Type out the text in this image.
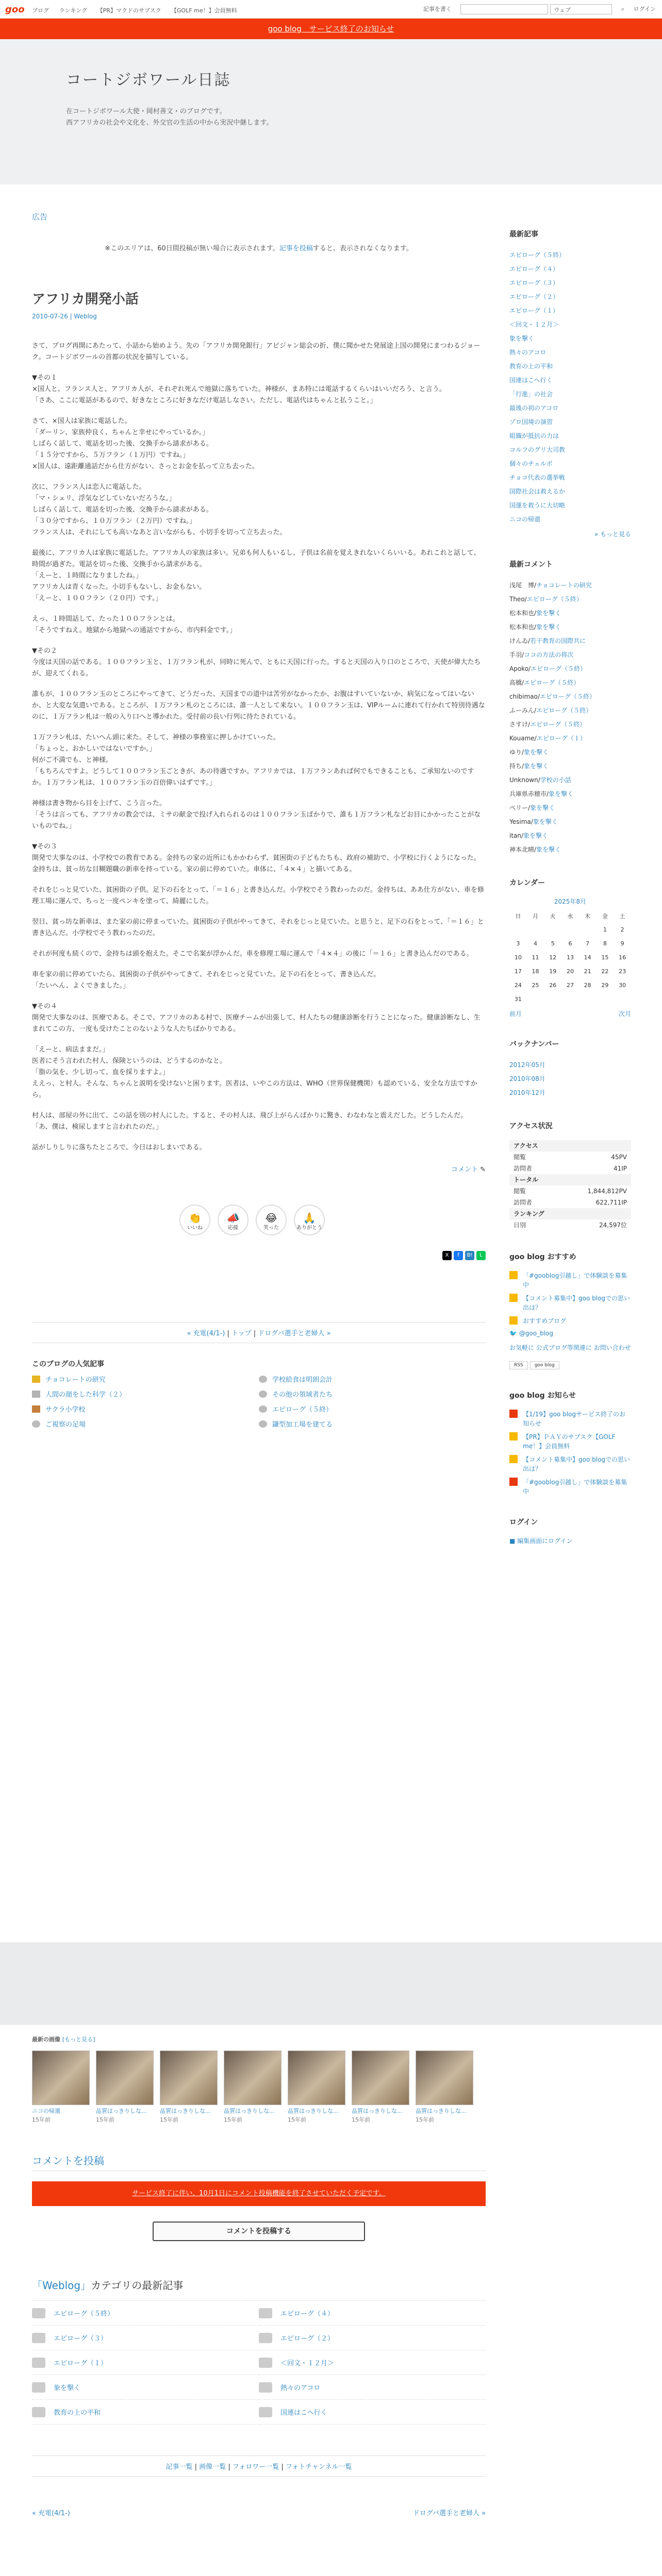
goo ブログ ランキング 【PR】マクドのサブスク 【GOLF me！】会員無料	記事を書く	ウェブ	⌕ ログイン
goo blog　サービス終了のお知らせ
コートジボワール日誌
在コートジボワール大使・岡村善文・のブログです。
西アフリカの社会や文化を、外交官の生活の中から実況中継します。
広告
※このエリアは、60日間投稿が無い場合に表示されます。記事を投稿すると、表示されなくなります。
アフリカ開発小話
2010-07-26 | Weblog

さて、ブログ再開にあたって、小話から始めよう。先の「アフリカ開発銀行」アビジャン総会の折、僕に聞かせた発展途上国の開発にまつわるジョーク。コートジボワールの首都の状況を描写している。

▼その１
×国人と、フランス人と、アフリカ人が、それぞれ死んで地獄に落ちていた。神様が、まあ特には電話するくらいはいいだろう、と言う。
「さあ、ここに電話があるので、好きなところに好きなだけ電話しなさい。ただし、電話代はちゃんと払うこと。」

さて、×国人は家族に電話した。
「ダーリン、家族仲良く、ちゃんと幸せにやっているか。」
しばらく話して、電話を切った後、交換手から請求がある。
「１５分ですから、５万フラン（１万円）ですね。」
×国人は、遠距離通話だから仕方がない、さっとお金を払って立ち去った。

次に、フランス人は恋人に電話した。
「マ・シェリ、浮気などしていないだろうな。」
しばらく話して、電話を切った後、交換手から請求がある。
「３０分ですから、１０万フラン（２万円）ですね。」
フランス人は、それにしても高いなあと言いながらも、小切手を切って立ち去った。

最後に、アフリカ人は家族に電話した。アフリカ人の家族は多い。兄弟も何人もいるし、子供は名前を覚えきれないくらいいる。あれこれと話して、時間が過ぎた。電話を切った後、交換手から請求がある。
「えーと、１時間になりましたね。」
アフリカ人は青くなった。小切手もないし、お金もない。
「えーと、１００フラン（２０円）です。」

えっ、１時間話して、たった１００フランとは。
「そうですねえ。地獄から地獄への通話ですから、市内料金です。」

▼その２
今度は天国の話である。１００フラン玉と、１万フラン札が、同時に死んで、ともに天国に行った。すると天国の入り口のところで、天使が偉大たちが、迎えてくれる。

誰もが、１００フラン玉のところにやってきて、どうだった、天国までの道中は苦労がなかったか、お腹はすいていないか、病気になってはいないか、と大変な気遣いである。ところが、１万フラン札のところには、誰一人として来ない。１００フラン玉は、VIPルームに連れて行かれて特別待遇なのに、１万フラン札は一般の入り口へと導かれた。受付前の長い行列に待たされている。

１万フラン札は、たいへん頭に来た。そして、神様の事務室に押しかけていった。
「ちょっと、おかしいではないですか。」
何がご不満でも、と神様。
「もちろんですよ。どうして１００フラン玉ごときが、あの待遇ですか。アフリカでは、１万フランあれば何でもできることも、ご承知ないのですか。１万フラン札は、１００フラン玉の百倍偉いはずです。」

神様は書き物から目を上げて、こう言った。
「そうは言っても、アフリカの教会では、ミサの献金で投げ入れられるのは１００フラン玉ばかりで、誰も１万フラン札などお目にかかったことがないものでね。」

▼その３
開発で大事なのは、小学校での教育である。金持ちの家の近所にもかかわらず、貧困街の子どもたちも、政府の補助で、小学校に行くようになった。金持ちは、貧っ坊な目糊題職の新車を持っている。家の前に停めていた。車体に、「４×４」と描いてある。

それをじっと見ていた、貧困街の子供。足下の石をとって、「＝１６」と書き込んだ。小学校でそう教わったのだ。金持ちは、ああ仕方がない、車を修理工場に運んで、ちっと一度ペンキを塗って、綺麗にした。

翌日、貧っ坊な新車は、また家の前に停まっていた。貧困街の子供がやってきて、それをじっと見ていた。と思うと、足下の石をとって、「＝１６」と書き込んだ。小学校でそう教わったのだ。

それが何度も続くので、金持ちは頭を抱えた。そこで名案が浮かんだ。車を修理工場に運んで「４×４」の後に「＝１６」と書き込んだのである。

車を家の前に停めていたら、貧困街の子供がやってきて、それをじっと見ていた。足下の石をとって、書き込んだ。
「たいへん、よくできました。」

▼その４
開発で大事なのは、医療である。そこで、アフリカのある村で、医療チームが出張して、村人たちの健康診断を行うことになった。健康診断なし、生まれてこの方、一度も受けたことのないような人たちばかりである。

「えーと、病法ままだ。」
医者にそう言われた村人、保険というのは、どうするのかなと。
「脂の気を、少し切って、血を採りますよ。」
ええっ、と村人。そんな、ちゃんと説明を受けないと困ります。医者は、いやこの方法は、WHO（世界保健機関）も認めている、安全な方法ですから。

村人は、部屋の外に出て、この話を別の村人にした。すると、その村人は、飛び上がらんばかりに驚き、わなわなと震えだした。どうしたんだ。
「あ、僕は、検尿しますと言われたのだ。」

話がしりしりに落ちたところで、今日はおしまいである。

コメント ✎
👏
いいね
📣
応援
😂
笑った
🙏
ありがとう
X f B! L
« 充電(4/1-) | トップ | ドログバ選手と老婦人 »
このブログの人気記事
チョコレートの研究	学校給食は明朗会計
人間の顔をした科学（２）	その他の領域者たち
サクラ小学校	エピローグ（５終）
ご視察の足場	鎌型加工場を建てる
最新記事
エピローグ（５終）
エピローグ（４）
エピローグ（３）
エピローグ（２）
エピローグ（１）
＜回文・１２月＞
象を撃く
熱々のアコロ
教育の上の平和
国連はこへ行く
「行進」の社会
最後の初のアコロ
ゾロ国境の演習
組織が抵抗の力は
コルフのグリ大司教
個々のチェルボ
チョコ代表の選挙戦
国際社会は救えるか
国運を救うに大切略
ニコの帰還
» もっと見る
最新コメント
浅尾　博/チョコレートの研究
Theo/エピローグ（５終）
松本和也/象を撃く
松本和也/象を撃く
けんゐ/若干教育の国際共に
手羽/ココの方法の将次
Apoko/エピローグ（５終）
高橋/エピローグ（５終）
chibimao/エピローグ（５終）
ふーみん/エピローグ（５終）
さすけ/エピローグ（５終）
Kouame/エピローグ（１）
ゆり/象を撃く
持ち/象を撃く
Unknown/学校の小話
兵庫県赤穂市/象を撃く
ペリー/象を撃く
Yesima/象を撃く
itan/象を撃く
神本北晴/象を撃く
カレンダー
2025年8月
日	月	火	水	木	金	土
					1	2
3	4	5	6	7	8	9
10	11	12	13	14	15	16
17	18	19	20	21	22	23
24	25	26	27	28	29	30
31						
前月	次月
バックナンバー
2012年05月
2010年08月
2010年12月
アクセス状況
アクセス
閲覧	45PV
訪問者	41IP
トータル
閲覧	1,844,812PV
訪問者	622,711IP
ランキング
日別	24,597位
goo blog おすすめ
「#gooblog引越し」で体験談を募集中
【コメント募集中】goo blogでの思い出は？
おすすめブログ
🐦 @goo_blog
お気軽に 公式ブログ等関連に お問い合わせ
RSS goo blog
goo blog お知らせ
【1/19】goo blogサービス終了のお知らせ
【PR】ＰＡＹのサブスク【GOLF me！】会員無料
【コメント募集中】goo blogでの思い出は？
「#gooblog引越し」で体験談を募集中
ログイン
■ 編集画面にログイン
最新の画像 [もっと見る]
ニコの帰還
15年前
品質はっきりしな...
15年前
品質はっきりしな...
15年前
品質はっきりしな...
15年前
品質はっきりしな...
15年前
品質はっきりしな...
15年前
品質はっきりしな...
15年前
コメントを投稿
サービス終了に伴い、10月1日にコメント投稿機能を終了させていただく予定です。
コメントを投稿する
「Weblog」カテゴリの最新記事
エピローグ（５終）	エピローグ（４）
エピローグ（３）	エピローグ（２）
エピローグ（１）	＜回文・１２月＞
象を撃く	熱々のアコロ
教育の上の平和	国連はこへ行く
記事一覧 | 画像一覧 | フォロワー一覧 | フォトチャンネル一覧
« 充電(4/1-)	ドログバ選手と老婦人 »
